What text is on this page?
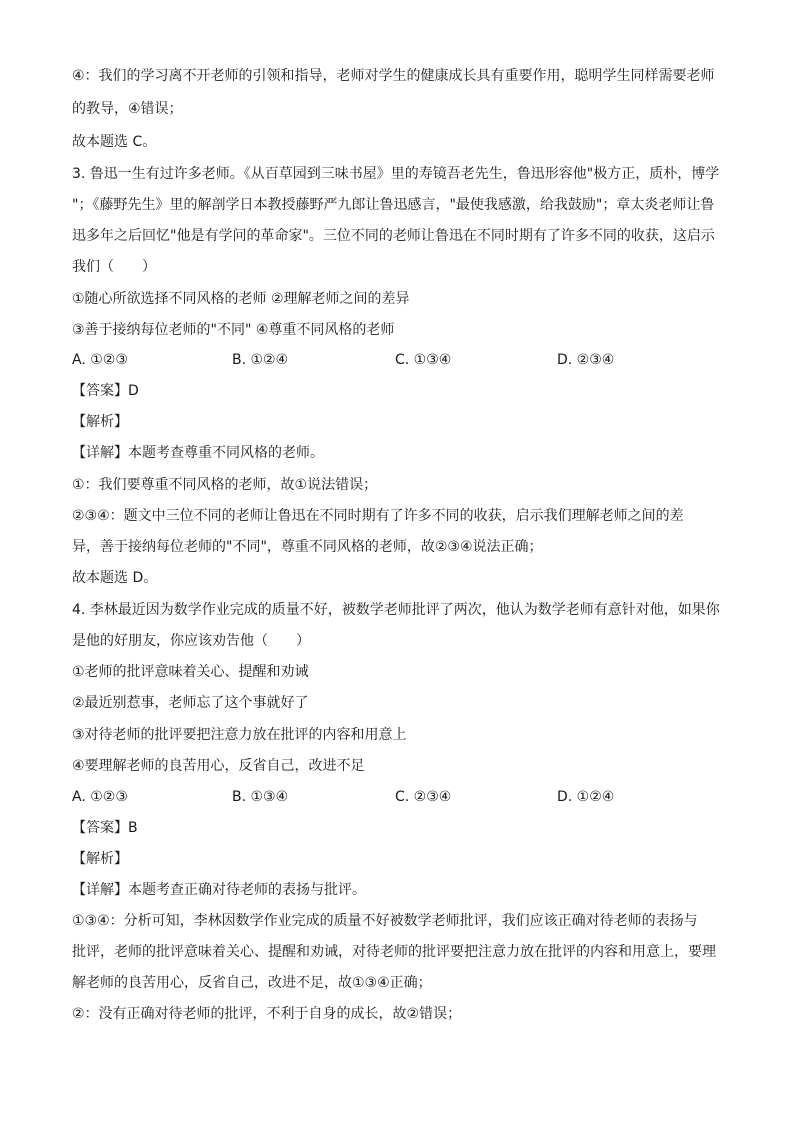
④：我们的学习离不开老师的引领和指导，老师对学生的健康成长具有重要作用，聪明学生同样需要老师
的教导，④错误；
故本题选 C。
3. 鲁迅一生有过许多老师。《从百草园到三味书屋》里的寿镜吾老先生，鲁迅形容他"极方正，质朴，博学
"；《藤野先生》里的解剖学日本教授藤野严九郎让鲁迅感言，"最使我感激，给我鼓励"；章太炎老师让鲁
迅多年之后回忆"他是有学问的革命家"。三位不同的老师让鲁迅在不同时期有了许多不同的收获，这启示
我们（　　）
①随心所欲选择不同风格的老师 ②理解老师之间的差异
③善于接纳每位老师的"不同" ④尊重不同风格的老师
A. ①②③	B. ①②④	C. ①③④	D. ②③④
【答案】D
【解析】
【详解】本题考查尊重不同风格的老师。
①：我们要尊重不同风格的老师，故①说法错误；
②③④：题文中三位不同的老师让鲁迅在不同时期有了许多不同的收获，启示我们理解老师之间的差
异，善于接纳每位老师的"不同"，尊重不同风格的老师，故②③④说法正确；
故本题选 D。
4. 李林最近因为数学作业完成的质量不好，被数学老师批评了两次，他认为数学老师有意针对他，如果你
是他的好朋友，你应该劝告他（　　）
①老师的批评意味着关心、提醒和劝诫
②最近别惹事，老师忘了这个事就好了
③对待老师的批评要把注意力放在批评的内容和用意上
④要理解老师的良苦用心，反省自己，改进不足
A. ①②③	B. ①③④	C. ②③④	D. ①②④
【答案】B
【解析】
【详解】本题考查正确对待老师的表扬与批评。
①③④：分析可知，李林因数学作业完成的质量不好被数学老师批评，我们应该正确对待老师的表扬与
批评，老师的批评意味着关心、提醒和劝诫，对待老师的批评要把注意力放在批评的内容和用意上，要理
解老师的良苦用心，反省自己，改进不足，故①③④正确；
②：没有正确对待老师的批评，不利于自身的成长，故②错误；
